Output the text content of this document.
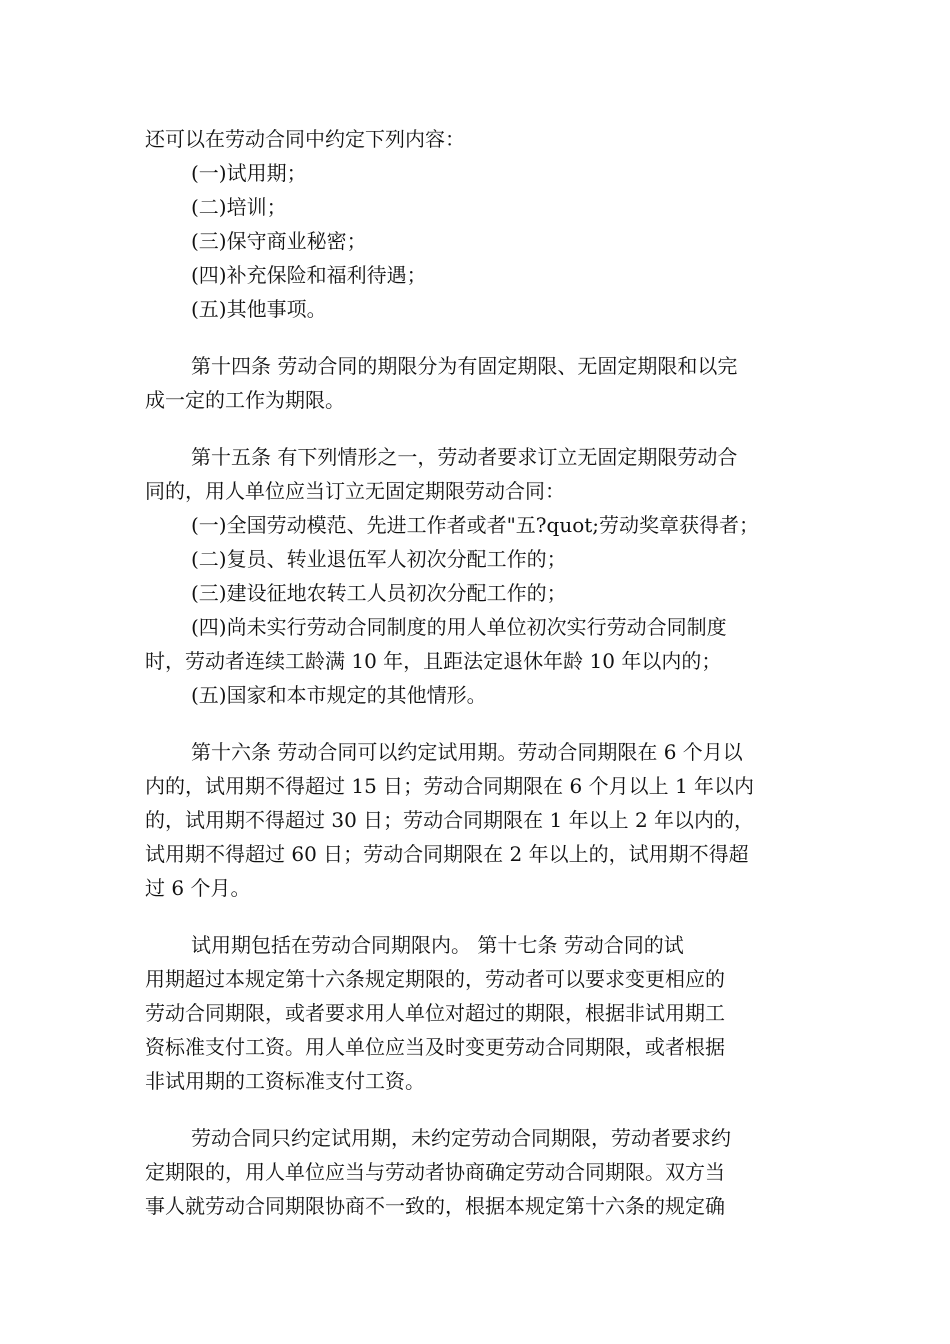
还可以在劳动合同中约定下列内容：
(一)试用期；
(二)培训；
(三)保守商业秘密；
(四)补充保险和福利待遇；
(五)其他事项。
第十四条 劳动合同的期限分为有固定期限、无固定期限和以完
成一定的工作为期限。
第十五条 有下列情形之一，劳动者要求订立无固定期限劳动合
同的，用人单位应当订立无固定期限劳动合同：
(一)全国劳动模范、先进工作者或者"五?quot;劳动奖章获得者；
(二)复员、转业退伍军人初次分配工作的；
(三)建设征地农转工人员初次分配工作的；
(四)尚未实行劳动合同制度的用人单位初次实行劳动合同制度
时，劳动者连续工龄满 10 年，且距法定退休年龄 10 年以内的；
(五)国家和本市规定的其他情形。
第十六条 劳动合同可以约定试用期。劳动合同期限在 6 个月以
内的，试用期不得超过 15 日；劳动合同期限在 6 个月以上 1 年以内
的，试用期不得超过 30 日；劳动合同期限在 1 年以上 2 年以内的，
试用期不得超过 60 日；劳动合同期限在 2 年以上的，试用期不得超
过 6 个月。
试用期包括在劳动合同期限内。 第十七条 劳动合同的试
用期超过本规定第十六条规定期限的，劳动者可以要求变更相应的
劳动合同期限，或者要求用人单位对超过的期限，根据非试用期工
资标准支付工资。用人单位应当及时变更劳动合同期限，或者根据
非试用期的工资标准支付工资。
劳动合同只约定试用期，未约定劳动合同期限，劳动者要求约
定期限的，用人单位应当与劳动者协商确定劳动合同期限。双方当
事人就劳动合同期限协商不一致的，根据本规定第十六条的规定确
